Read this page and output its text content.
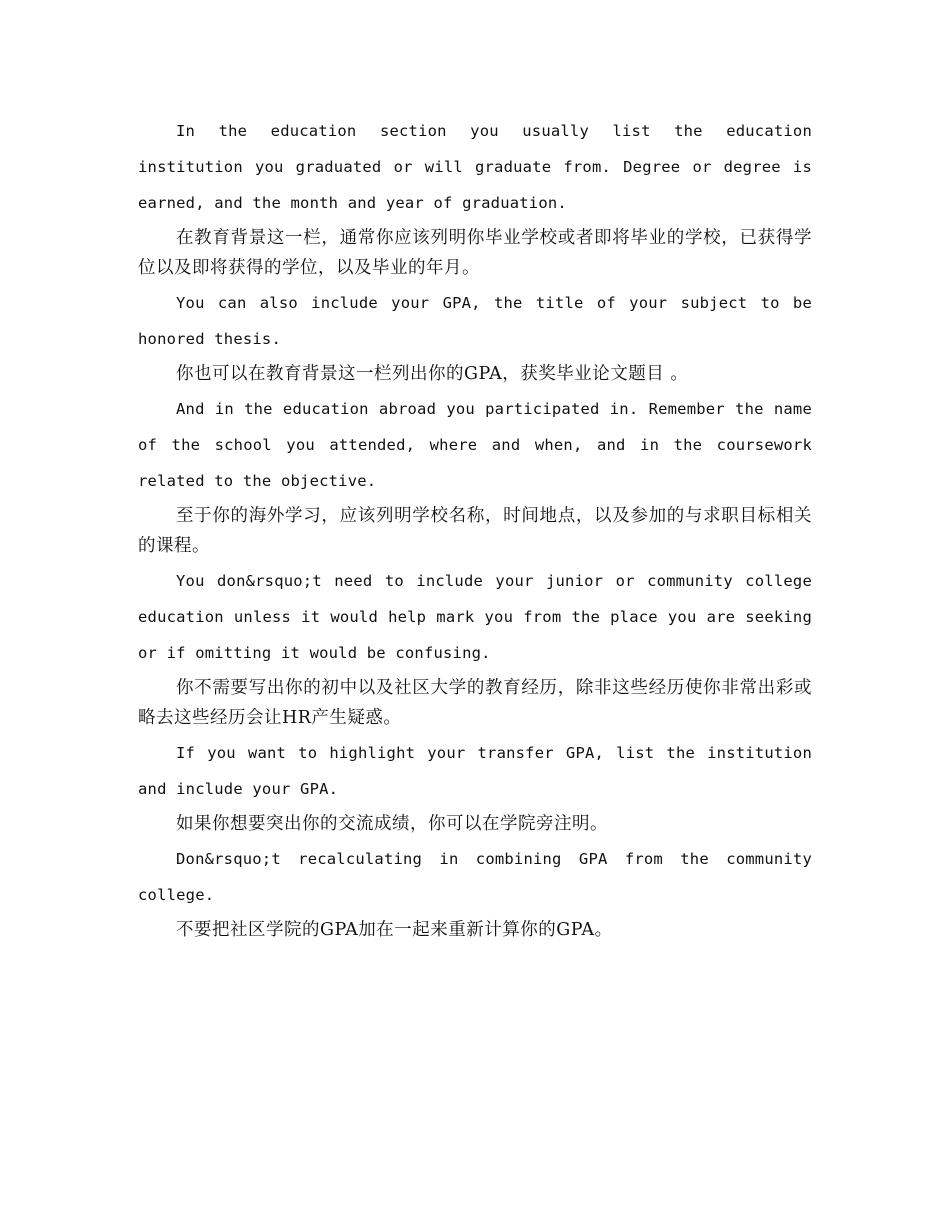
In the education section you usually list the education institution you graduated or will graduate from. Degree or degree is earned, and the month and year of graduation.

在教育背景这一栏，通常你应该列明你毕业学校或者即将毕业的学校，已获得学位以及即将获得的学位，以及毕业的年月。

You can also include your GPA, the title of your subject to be honored thesis.

你也可以在教育背景这一栏列出你的GPA，获奖毕业论文题目 。

And in the education abroad you participated in. Remember the name of the school you attended, where and when, and in the coursework related to the objective.

至于你的海外学习，应该列明学校名称，时间地点，以及参加的与求职目标相关的课程。

You don&rsquo;t need to include your junior or community college education unless it would help mark you from the place you are seeking or if omitting it would be confusing.

你不需要写出你的初中以及社区大学的教育经历，除非这些经历使你非常出彩或略去这些经历会让HR产生疑惑。

If you want to highlight your transfer GPA, list the institution and include your GPA.

如果你想要突出你的交流成绩，你可以在学院旁注明。

Don&rsquo;t recalculating in combining GPA from the community college.

不要把社区学院的GPA加在一起来重新计算你的GPA。
